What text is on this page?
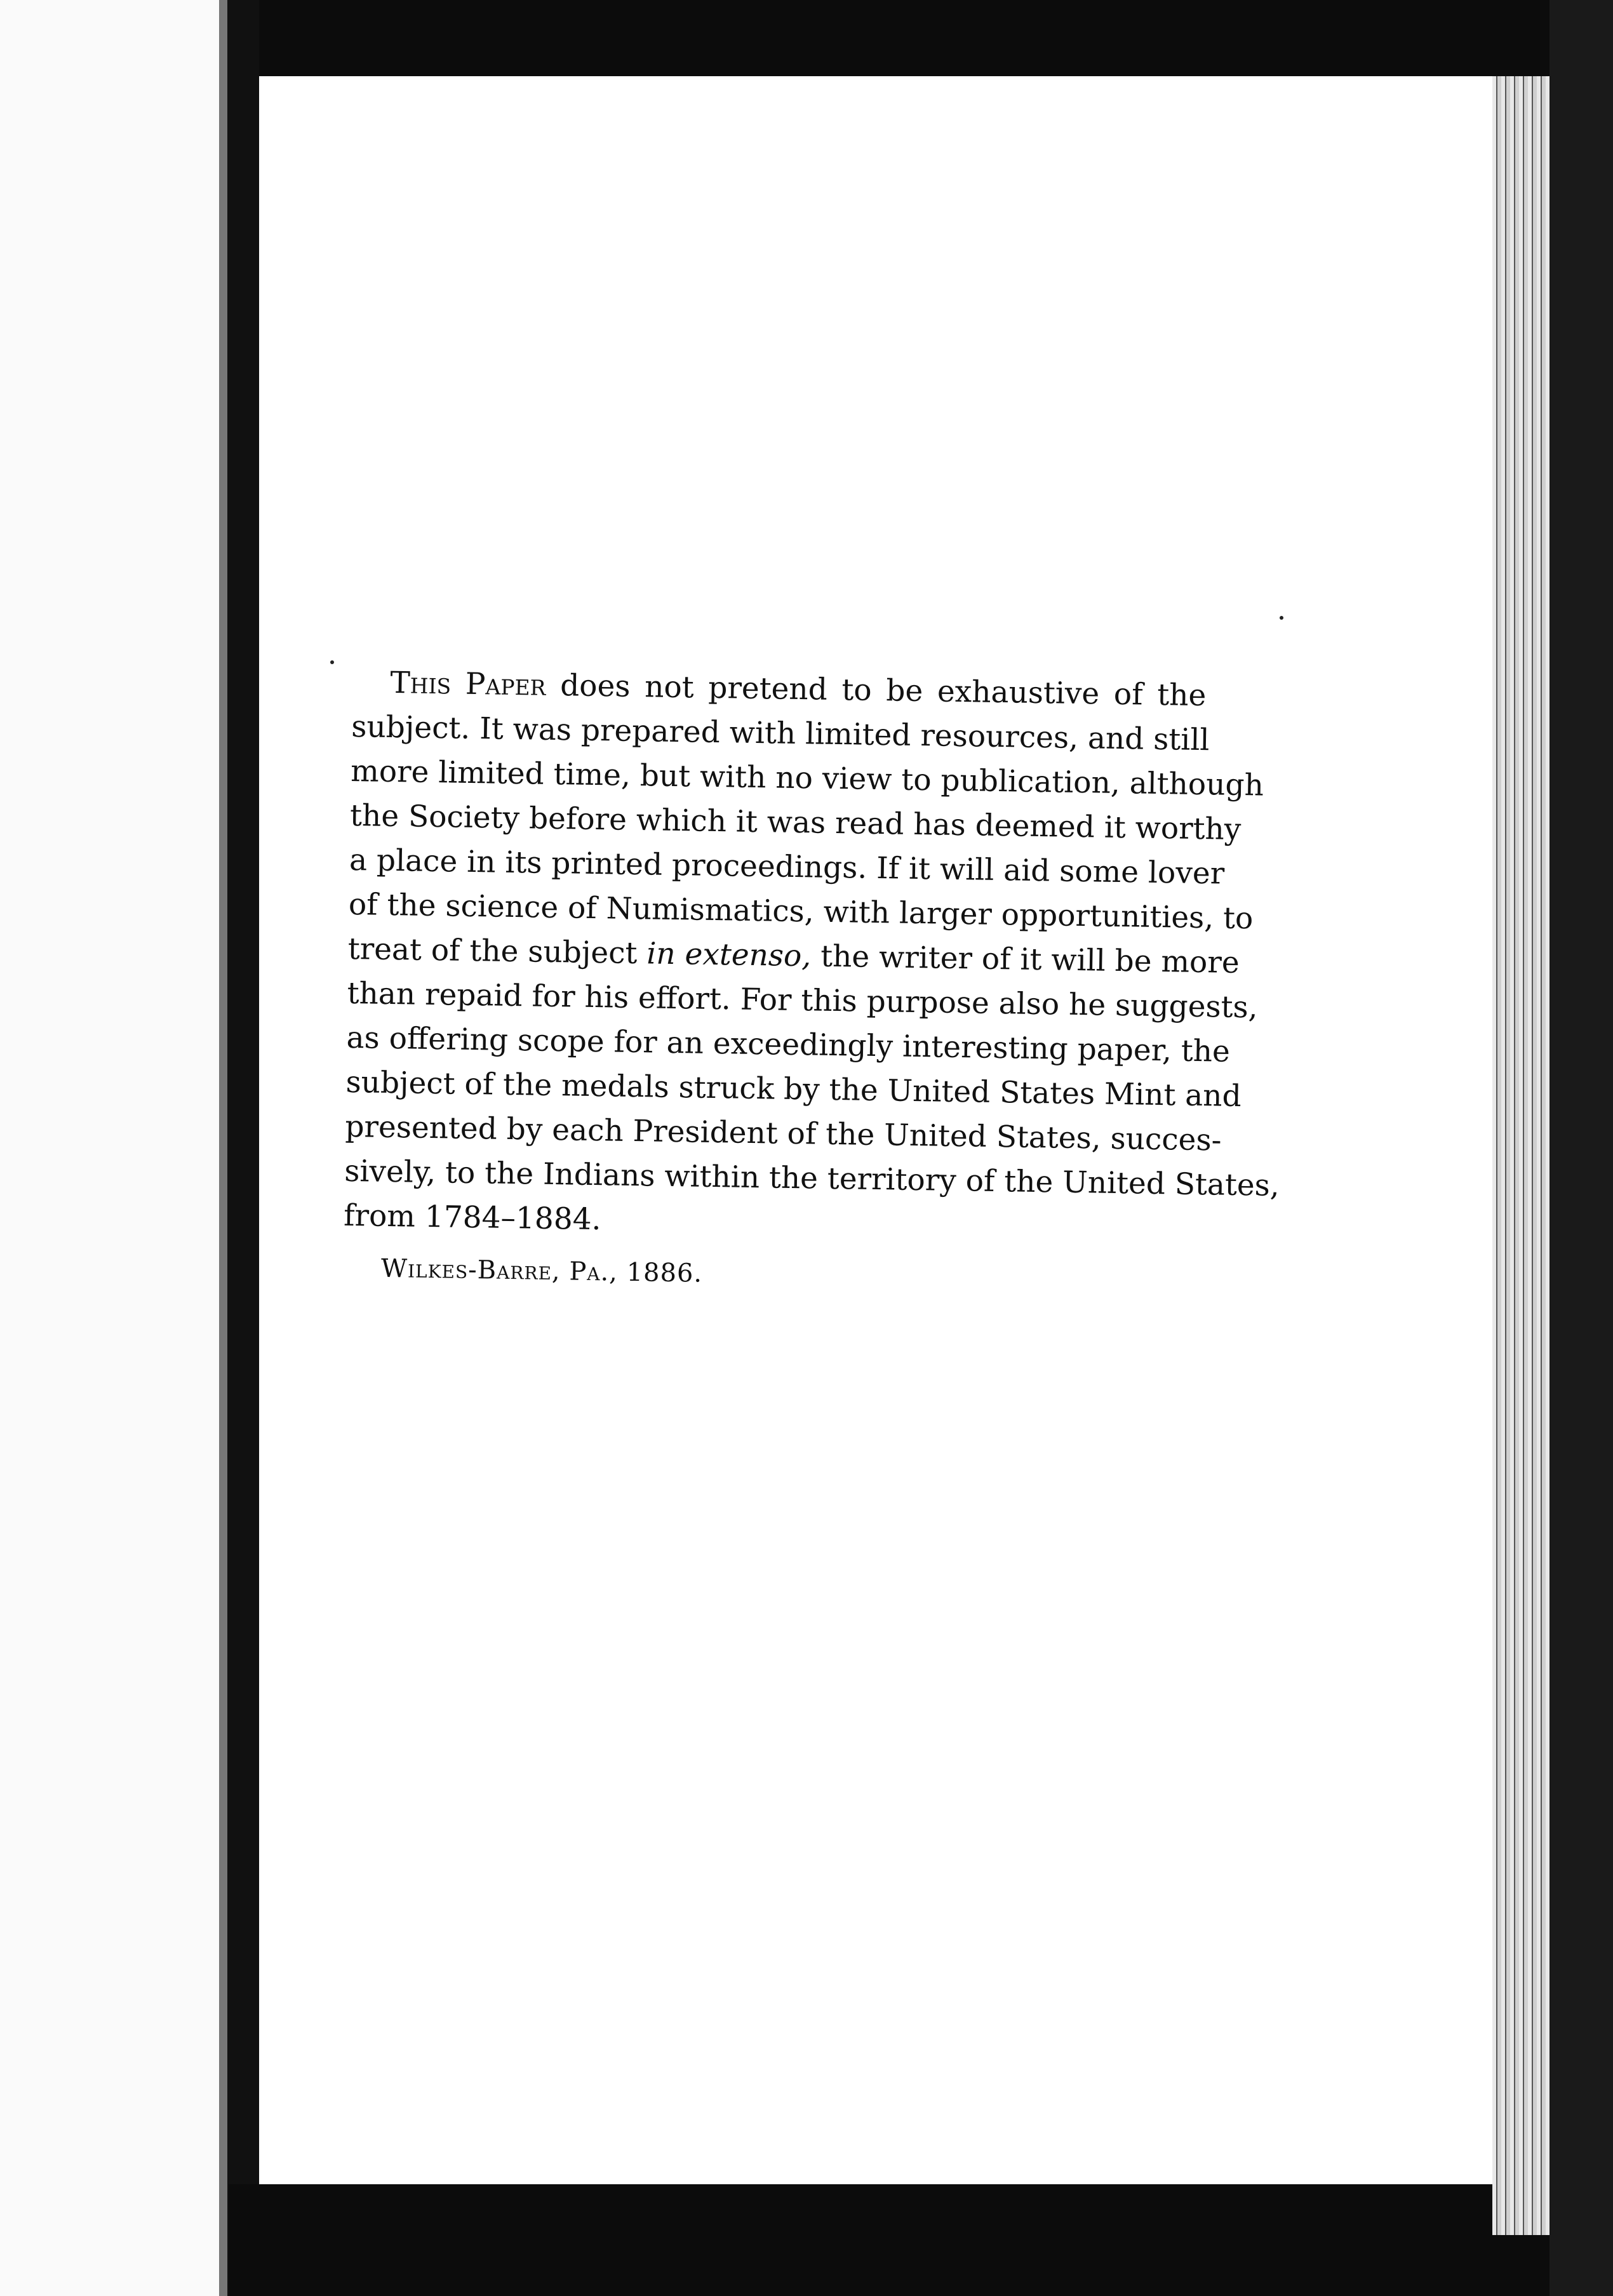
This Paper does not pretend to be exhaustive of the
subject. It was prepared with limited resources, and still
more limited time, but with no view to publication, although
the Society before which it was read has deemed it worthy
a place in its printed proceedings. If it will aid some lover
of the science of Numismatics, with larger opportunities, to
treat of the subject in extenso, the writer of it will be more
than repaid for his effort. For this purpose also he suggests,
as offering scope for an exceedingly interesting paper, the
subject of the medals struck by the United States Mint and
presented by each President of the United States, succes-
sively, to the Indians within the territory of the United States,
from 1784–1884.
Wilkes-Barre, Pa., 1886.
